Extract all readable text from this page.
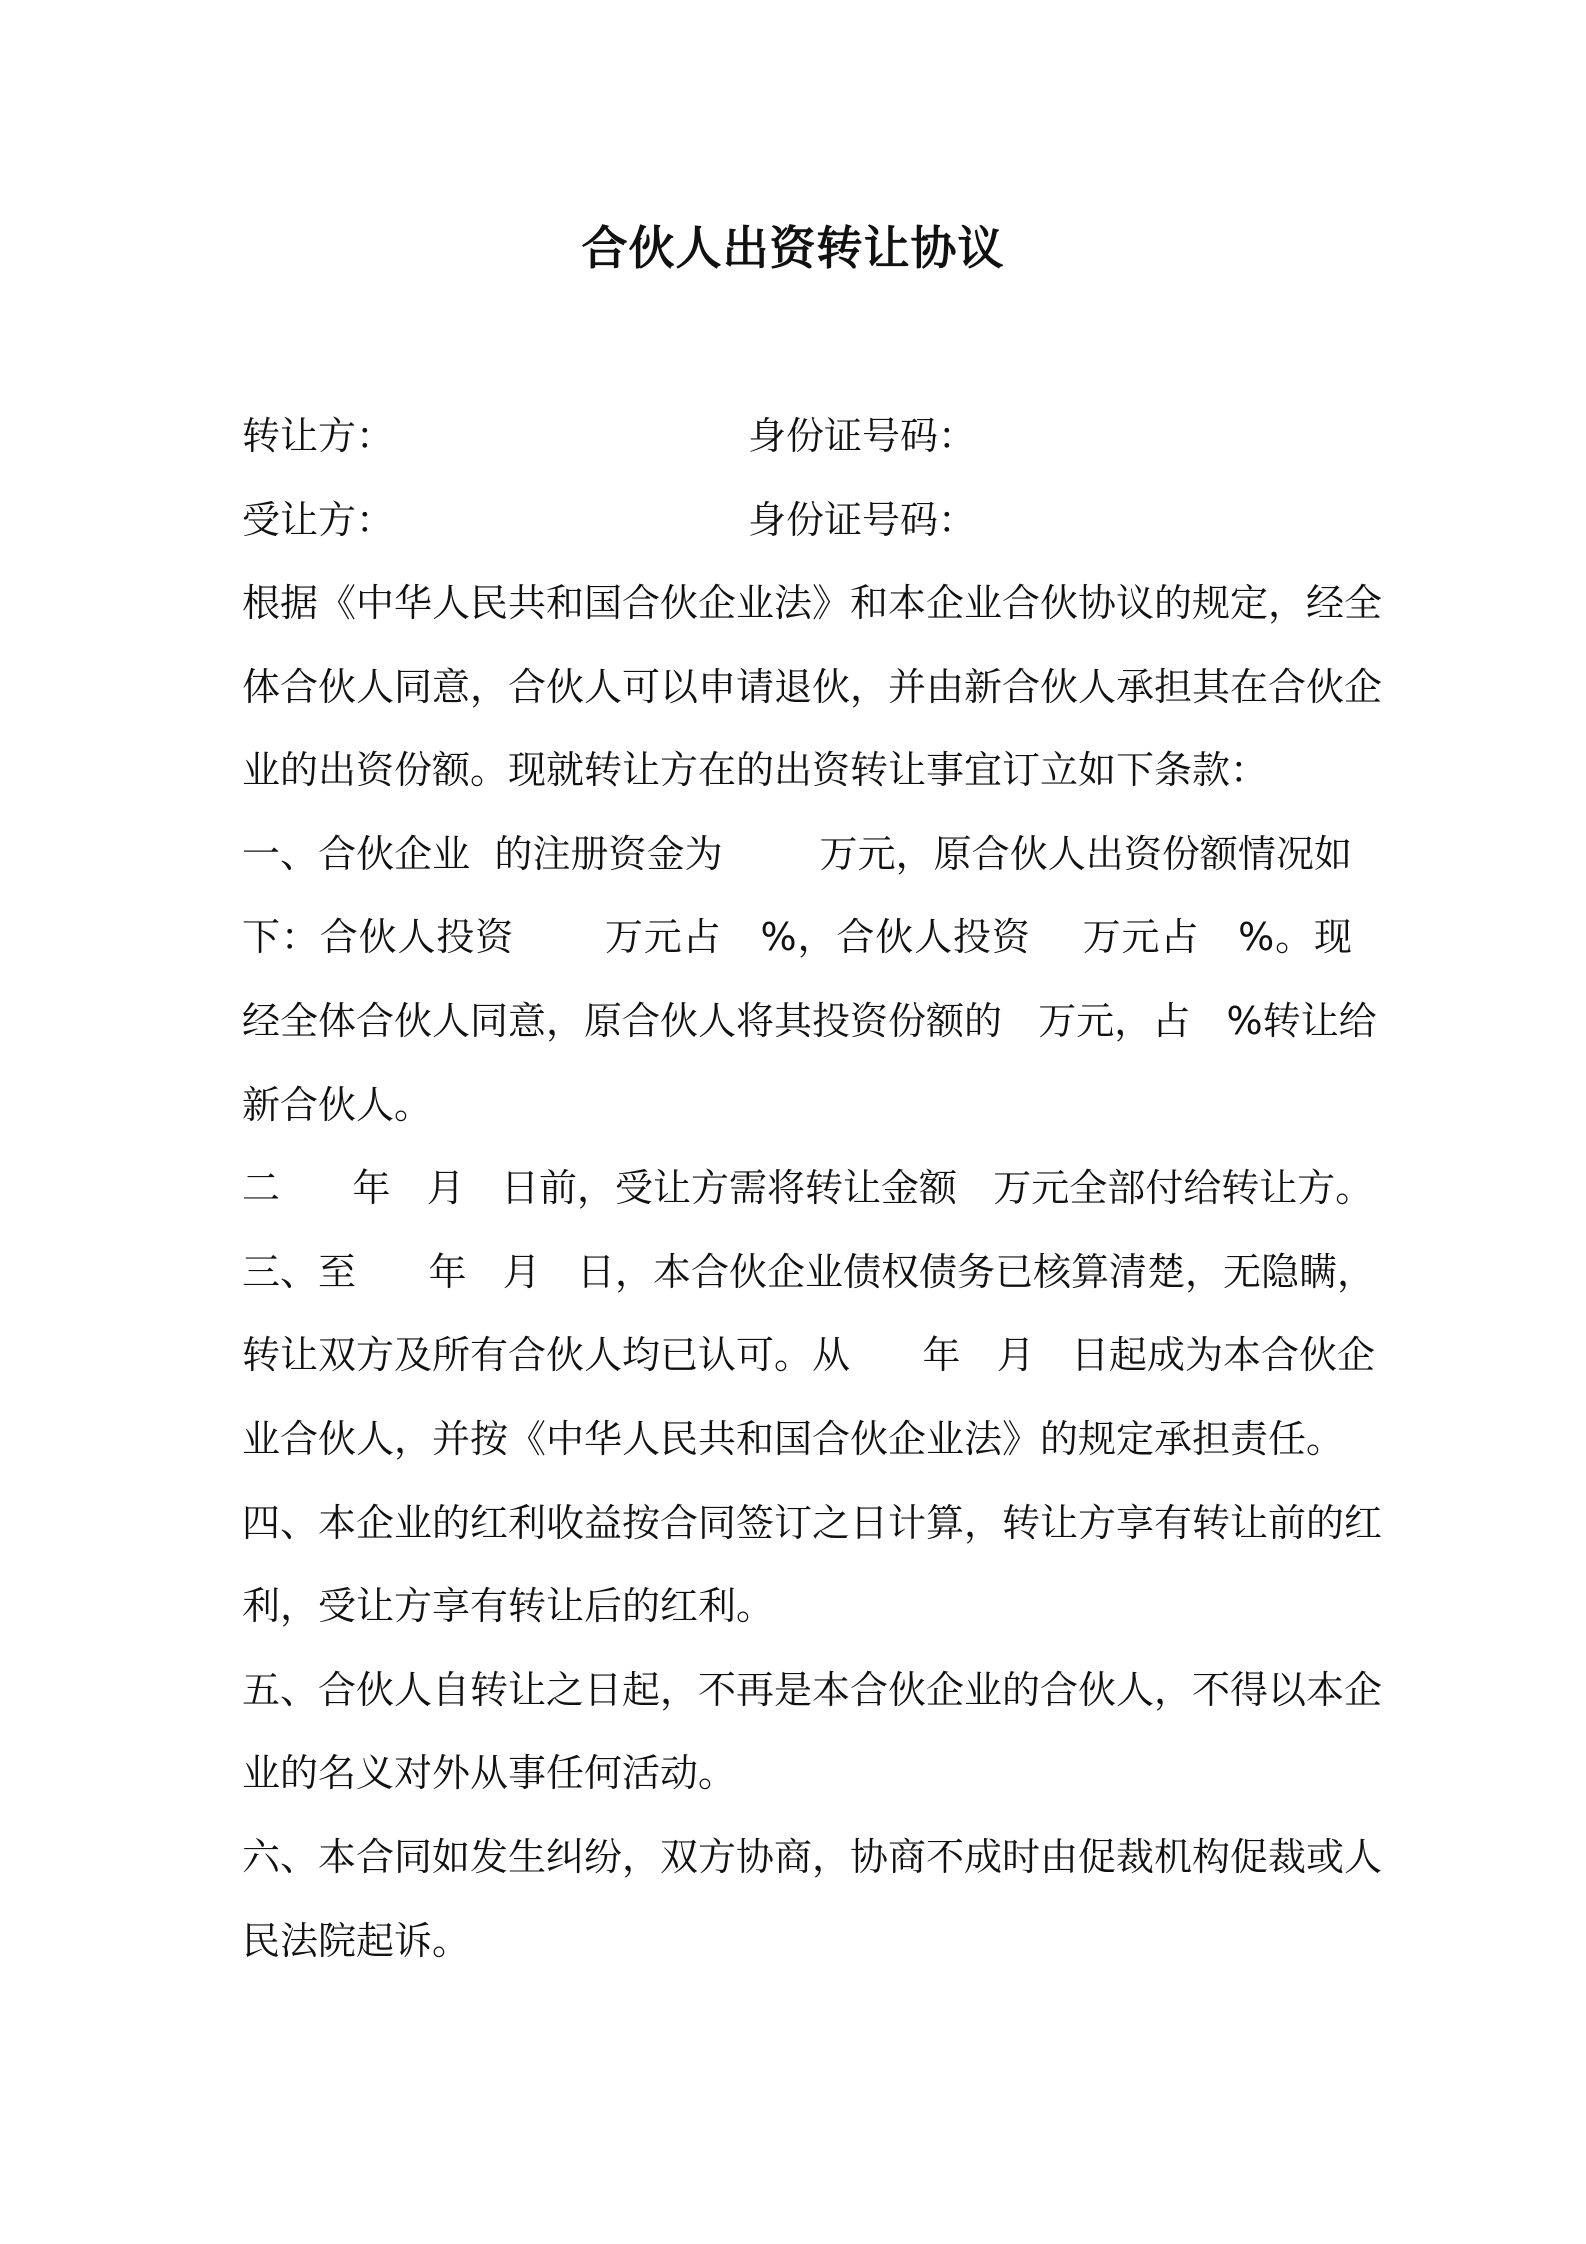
合伙人出资转让协议
转让方：	身份证号码：
受让方：	身份证号码：
根据《中华人民共和国合伙企业法》和本企业合伙协议的规定，经全
体合伙人同意，合伙人可以申请退伙，并由新合伙人承担其在合伙企
业的出资份额。现就转让方在的出资转让事宜订立如下条款：
一、合伙企业  的注册资金为        万元，原合伙人出资份额情况如
下：合伙人投资       万元占   %，合伙人投资    万元占   %。现
经全体合伙人同意，原合伙人将其投资份额的   万元，占   %转让给
新合伙人。
二      年   月   日前，受让方需将转让金额   万元全部付给转让方。
三、至      年   月   日，本合伙企业债权债务已核算清楚，无隐瞒，
转让双方及所有合伙人均已认可。从      年   月   日起成为本合伙企
业合伙人，并按《中华人民共和国合伙企业法》的规定承担责任。
四、本企业的红利收益按合同签订之日计算，转让方享有转让前的红
利，受让方享有转让后的红利。
五、合伙人自转让之日起，不再是本合伙企业的合伙人，不得以本企
业的名义对外从事任何活动。
六、本合同如发生纠纷，双方协商，协商不成时由促裁机构促裁或人
民法院起诉。
